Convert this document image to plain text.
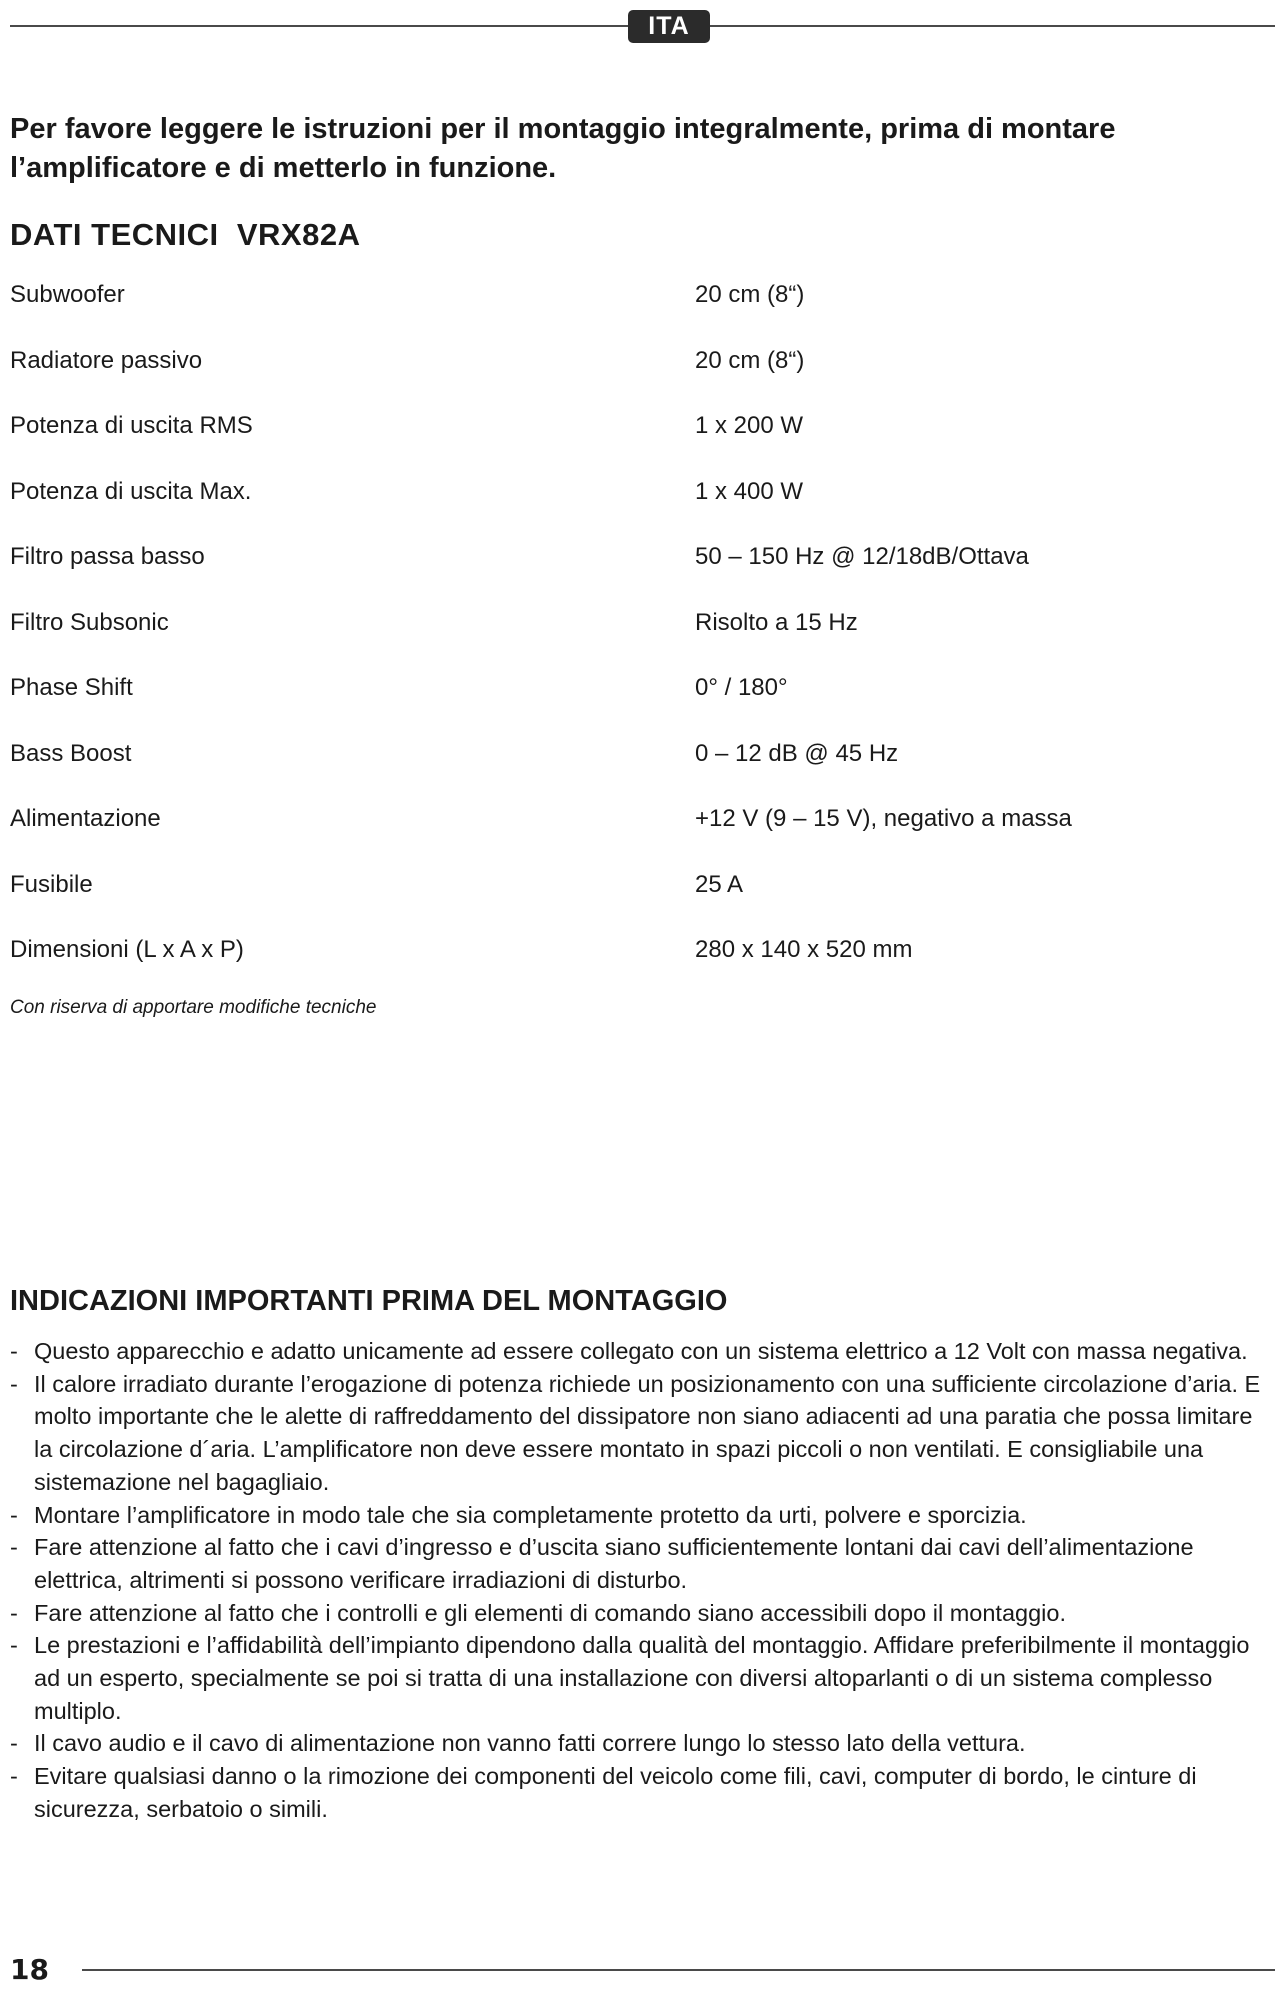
ITA

Per favore leggere le istruzioni per il montaggio integralmente, prima di montare l’amplificatore e di metterlo in funzione.

DATI TECNICI  VRX82A
Subwoofer	20 cm (8“)
Radiatore passivo	20 cm (8“)
Potenza di uscita RMS	1 x 200 W
Potenza di uscita Max.	1 x 400 W
Filtro passa basso	50 – 150 Hz @ 12/18dB/Ottava
Filtro Subsonic	Risolto a 15 Hz
Phase Shift	0° / 180°
Bass Boost	0 – 12 dB @ 45 Hz
Alimentazione	+12 V (9 – 15 V), negativo a massa
Fusibile	25 A
Dimensioni (L x A x P)	280 x 140 x 520 mm
Con riserva di apportare modifiche tecniche
INDICAZIONI IMPORTANTI PRIMA DEL MONTAGGIO
- Questo apparecchio e adatto unicamente ad essere collegato con un sistema elettrico a 12 Volt con massa negativa.
- Il calore irradiato durante l’erogazione di potenza richiede un posizionamento con una sufficiente circolazione d’aria. E molto importante che le alette di raffreddamento del dissipatore non siano adiacenti ad una paratia che possa limitare la circolazione d´aria. L’amplificatore non deve essere montato in spazi piccoli o non ventilati. E consigliabile una sistemazione nel bagagliaio.
- Montare l’amplificatore in modo tale che sia completamente protetto da urti, polvere e sporcizia.
- Fare attenzione al fatto che i cavi d’ingresso e d’uscita siano sufficientemente lontani dai cavi dell’alimentazione elettrica, altrimenti si possono verificare irradiazioni di disturbo.
- Fare attenzione al fatto che i controlli e gli elementi di comando siano accessibili dopo il montaggio.
- Le prestazioni e l’affidabilità dell’impianto dipendono dalla qualità del montaggio. Affidare preferibilmente il montaggio ad un esperto, specialmente se poi si tratta di una installazione con diversi altoparlanti o di un sistema complesso multiplo.
- Il cavo audio e il cavo di alimentazione non vanno fatti correre lungo lo stesso lato della vettura.
- Evitare qualsiasi danno o la rimozione dei componenti del veicolo come fili, cavi, computer di bordo, le cinture di sicurezza, serbatoio o simili.
18
